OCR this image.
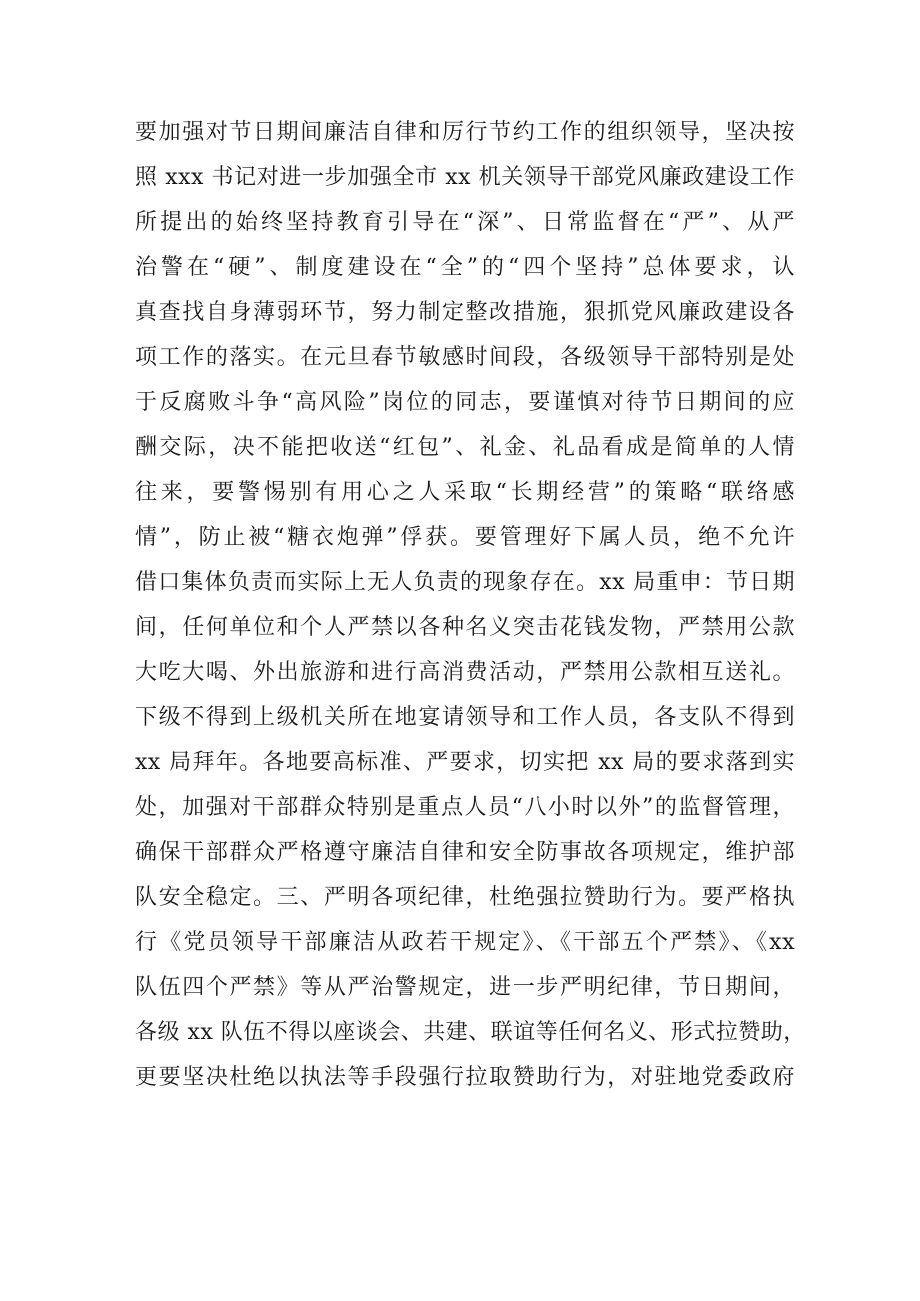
要加强对节日期间廉洁自律和厉行节约工作的组织领导，坚决按
照 xxx 书记对进一步加强全市 xx 机关领导干部党风廉政建设工作
所提出的始终坚持教育引导在“深”、日常监督在“严”、从严
治警在“硬”、制度建设在“全”的“四个坚持”总体要求，认
真查找自身薄弱环节，努力制定整改措施，狠抓党风廉政建设各
项工作的落实。在元旦春节敏感时间段，各级领导干部特别是处
于反腐败斗争“高风险”岗位的同志，要谨慎对待节日期间的应
酬交际，决不能把收送“红包”、礼金、礼品看成是简单的人情
往来，要警惕别有用心之人采取“长期经营”的策略“联络感
情”，防止被“糖衣炮弹”俘获。要管理好下属人员，绝不允许
借口集体负责而实际上无人负责的现象存在。xx 局重申：节日期
间，任何单位和个人严禁以各种名义突击花钱发物，严禁用公款
大吃大喝、外出旅游和进行高消费活动，严禁用公款相互送礼。
下级不得到上级机关所在地宴请领导和工作人员，各支队不得到
xx 局拜年。各地要高标准、严要求，切实把 xx 局的要求落到实
处，加强对干部群众特别是重点人员“八小时以外”的监督管理，
确保干部群众严格遵守廉洁自律和安全防事故各项规定，维护部
队安全稳定。三、严明各项纪律，杜绝强拉赞助行为。要严格执
行《党员领导干部廉洁从政若干规定》、《干部五个严禁》、《xx
队伍四个严禁》等从严治警规定，进一步严明纪律，节日期间，
各级 xx 队伍不得以座谈会、共建、联谊等任何名义、形式拉赞助，
更要坚决杜绝以执法等手段强行拉取赞助行为，对驻地党委政府
